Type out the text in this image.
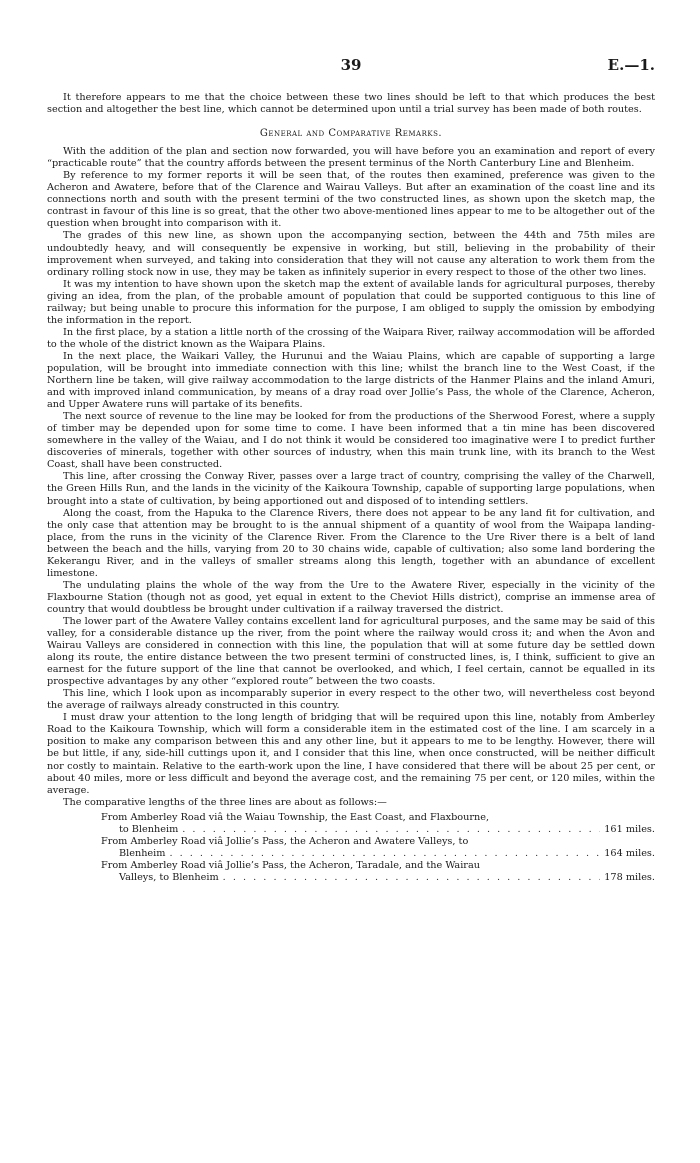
39	E.—1.

It therefore appears to me that the choice between these two lines should be left to that which produces the best section and altogether the best line, which cannot be determined upon until a trial survey has been made of both routes.

General and Comparative Remarks.

With the addition of the plan and section now forwarded, you will have before you an examination and report of every “practicable route” that the country affords between the present terminus of the North Canterbury Line and Blenheim.

By reference to my former reports it will be seen that, of the routes then examined, preference was given to the Acheron and Awatere, before that of the Clarence and Wairau Valleys. But after an examination of the coast line and its connections north and south with the present termini of the two constructed lines, as shown upon the sketch map, the contrast in favour of this line is so great, that the other two above-mentioned lines appear to me to be altogether out of the question when brought into comparison with it.

The grades of this new line, as shown upon the accompanying section, between the 44th and 75th miles are undoubtedly heavy, and will consequently be expensive in working, but still, believing in the probability of their improvement when surveyed, and taking into consideration that they will not cause any alteration to work them from the ordinary rolling stock now in use, they may be taken as infinitely superior in every respect to those of the other two lines.

It was my intention to have shown upon the sketch map the extent of available lands for agricultural purposes, thereby giving an idea, from the plan, of the probable amount of population that could be supported contiguous to this line of railway; but being unable to procure this information for the purpose, I am obliged to supply the omission by embodying the information in the report.

In the first place, by a station a little north of the crossing of the Waipara River, railway accommodation will be afforded to the whole of the district known as the Waipara Plains.

In the next place, the Waikari Valley, the Hurunui and the Waiau Plains, which are capable of supporting a large population, will be brought into immediate connection with this line; whilst the branch line to the West Coast, if the Northern line be taken, will give railway accommodation to the large districts of the Hanmer Plains and the inland Amuri, and with improved inland communication, by means of a dray road over Jollie’s Pass, the whole of the Clarence, Acheron, and Upper Awatere runs will partake of its benefits.

The next source of revenue to the line may be looked for from the productions of the Sherwood Forest, where a supply of timber may be depended upon for some time to come. I have been informed that a tin mine has been discovered somewhere in the valley of the Waiau, and I do not think it would be considered too imaginative were I to predict further discoveries of minerals, together with other sources of industry, when this main trunk line, with its branch to the West Coast, shall have been constructed.

This line, after crossing the Conway River, passes over a large tract of country, comprising the valley of the Charwell, the Green Hills Run, and the lands in the vicinity of the Kaikoura Township, capable of supporting large populations, when brought into a state of cultivation, by being apportioned out and disposed of to intending settlers.

Along the coast, from the Hapuka to the Clarence Rivers, there does not appear to be any land fit for cultivation, and the only case that attention may be brought to is the annual shipment of a quantity of wool from the Waipapa landing-place, from the runs in the vicinity of the Clarence River. From the Clarence to the Ure River there is a belt of land between the beach and the hills, varying from 20 to 30 chains wide, capable of cultivation; also some land bordering the Kekerangu River, and in the valleys of smaller streams along this length, together with an abundance of excellent limestone.

The undulating plains the whole of the way from the Ure to the Awatere River, especially in the vicinity of the Flaxbourne Station (though not as good, yet equal in extent to the Cheviot Hills district), comprise an immense area of country that would doubtless be brought under cultivation if a railway traversed the district.

The lower part of the Awatere Valley contains excellent land for agricultural purposes, and the same may be said of this valley, for a considerable distance up the river, from the point where the railway would cross it; and when the Avon and Wairau Valleys are considered in connection with this line, the population that will at some future day be settled down along its route, the entire distance between the two present termini of constructed lines, is, I think, sufficient to give an earnest for the future support of the line that cannot be overlooked, and which, I feel certain, cannot be equalled in its prospective advantages by any other “explored route” between the two coasts.

This line, which I look upon as incomparably superior in every respect to the other two, will nevertheless cost beyond the average of railways already constructed in this country.

I must draw your attention to the long length of bridging that will be required upon this line, notably from Amberley Road to the Kaikoura Township, which will form a considerable item in the estimated cost of the line. I am scarcely in a position to make any comparison between this and any other line, but it appears to me to be lengthy. However, there will be but little, if any, side-hill cuttings upon it, and I consider that this line, when once constructed, will be neither difficult nor costly to maintain. Relative to the earth-work upon the line, I have considered that there will be about 25 per cent, or about 40 miles, more or less difficult and beyond the average cost, and the remaining 75 per cent, or 120 miles, within the average.

The comparative lengths of the three lines are about as follows:—

From Amberley Road viâ the Waiau Township, the East Coast, and Flaxbourne,
to Blenheim . . .	161 miles.
From Amberley Road viâ Jollie’s Pass, the Acheron and Awatere Valleys, to
Blenheim . . .	164 miles.
From Amberley Road viâ Jollie’s Pass, the Acheron, Taradale, and the Wairau
Valleys, to Blenheim . . .	178 miles.
